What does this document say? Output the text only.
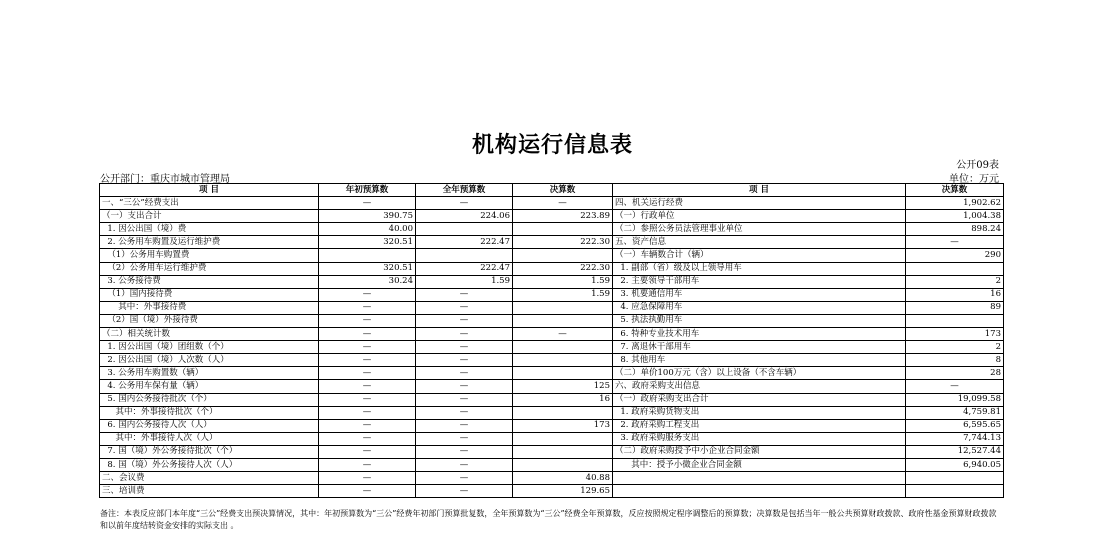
机构运行信息表
公开09表
公开部门：重庆市城市管理局	单位：万元
项 目	年初预算数	全年预算数	决算数	项 目	决算数
一、“三公”经费支出	—	—	—	四、机关运行经费	1,902.62
（一）支出合计	390.75	224.06	223.89	（一）行政单位	1,004.38
1. 因公出国（境）费	40.00			（二）参照公务员法管理事业单位	898.24
2. 公务用车购置及运行维护费	320.51	222.47	222.30	五、资产信息	—
（1）公务用车购置费				（一）车辆数合计（辆）	290
（2）公务用车运行维护费	320.51	222.47	222.30	1. 副部（省）级及以上领导用车	
3. 公务接待费	30.24	1.59	1.59	2. 主要领导干部用车	2
（1）国内接待费	—	—	1.59	3. 机要通信用车	16
其中：外事接待费	—	—		4. 应急保障用车	89
（2）国（境）外接待费	—	—		5. 执法执勤用车	
（二）相关统计数	—	—	—	6. 特种专业技术用车	173
1. 因公出国（境）团组数（个）	—	—		7. 离退休干部用车	2
2. 因公出国（境）人次数（人）	—	—		8. 其他用车	8
3. 公务用车购置数（辆）	—	—		（二）单价100万元（含）以上设备（不含车辆）	28
4. 公务用车保有量（辆）	—	—	125	六、政府采购支出信息	—
5. 国内公务接待批次（个）	—	—	16	（一）政府采购支出合计	19,099.58
其中：外事接待批次（个）	—	—		1. 政府采购货物支出	4,759.81
6. 国内公务接待人次（人）	—	—	173	2. 政府采购工程支出	6,595.65
其中：外事接待人次（人）	—	—		3. 政府采购服务支出	7,744.13
7. 国（境）外公务接待批次（个）	—	—		（二）政府采购授予中小企业合同金额	12,527.44
8. 国（境）外公务接待人次（人）	—	—		其中：授予小微企业合同金额	6,940.05
二、会议费	—	—	40.88		
三、培训费	—	—	129.65		
备注：本表反应部门本年度“三公”经费支出预决算情况，其中：年初预算数为“三公”经费年初部门预算批复数，全年预算数为“三公”经费全年预算数，反应按照规定程序调整后的预算数；决算数是包括当年一般公共预算财政拨款、政府性基金预算财政拨款和以前年度结转资金安排的实际支出 。
